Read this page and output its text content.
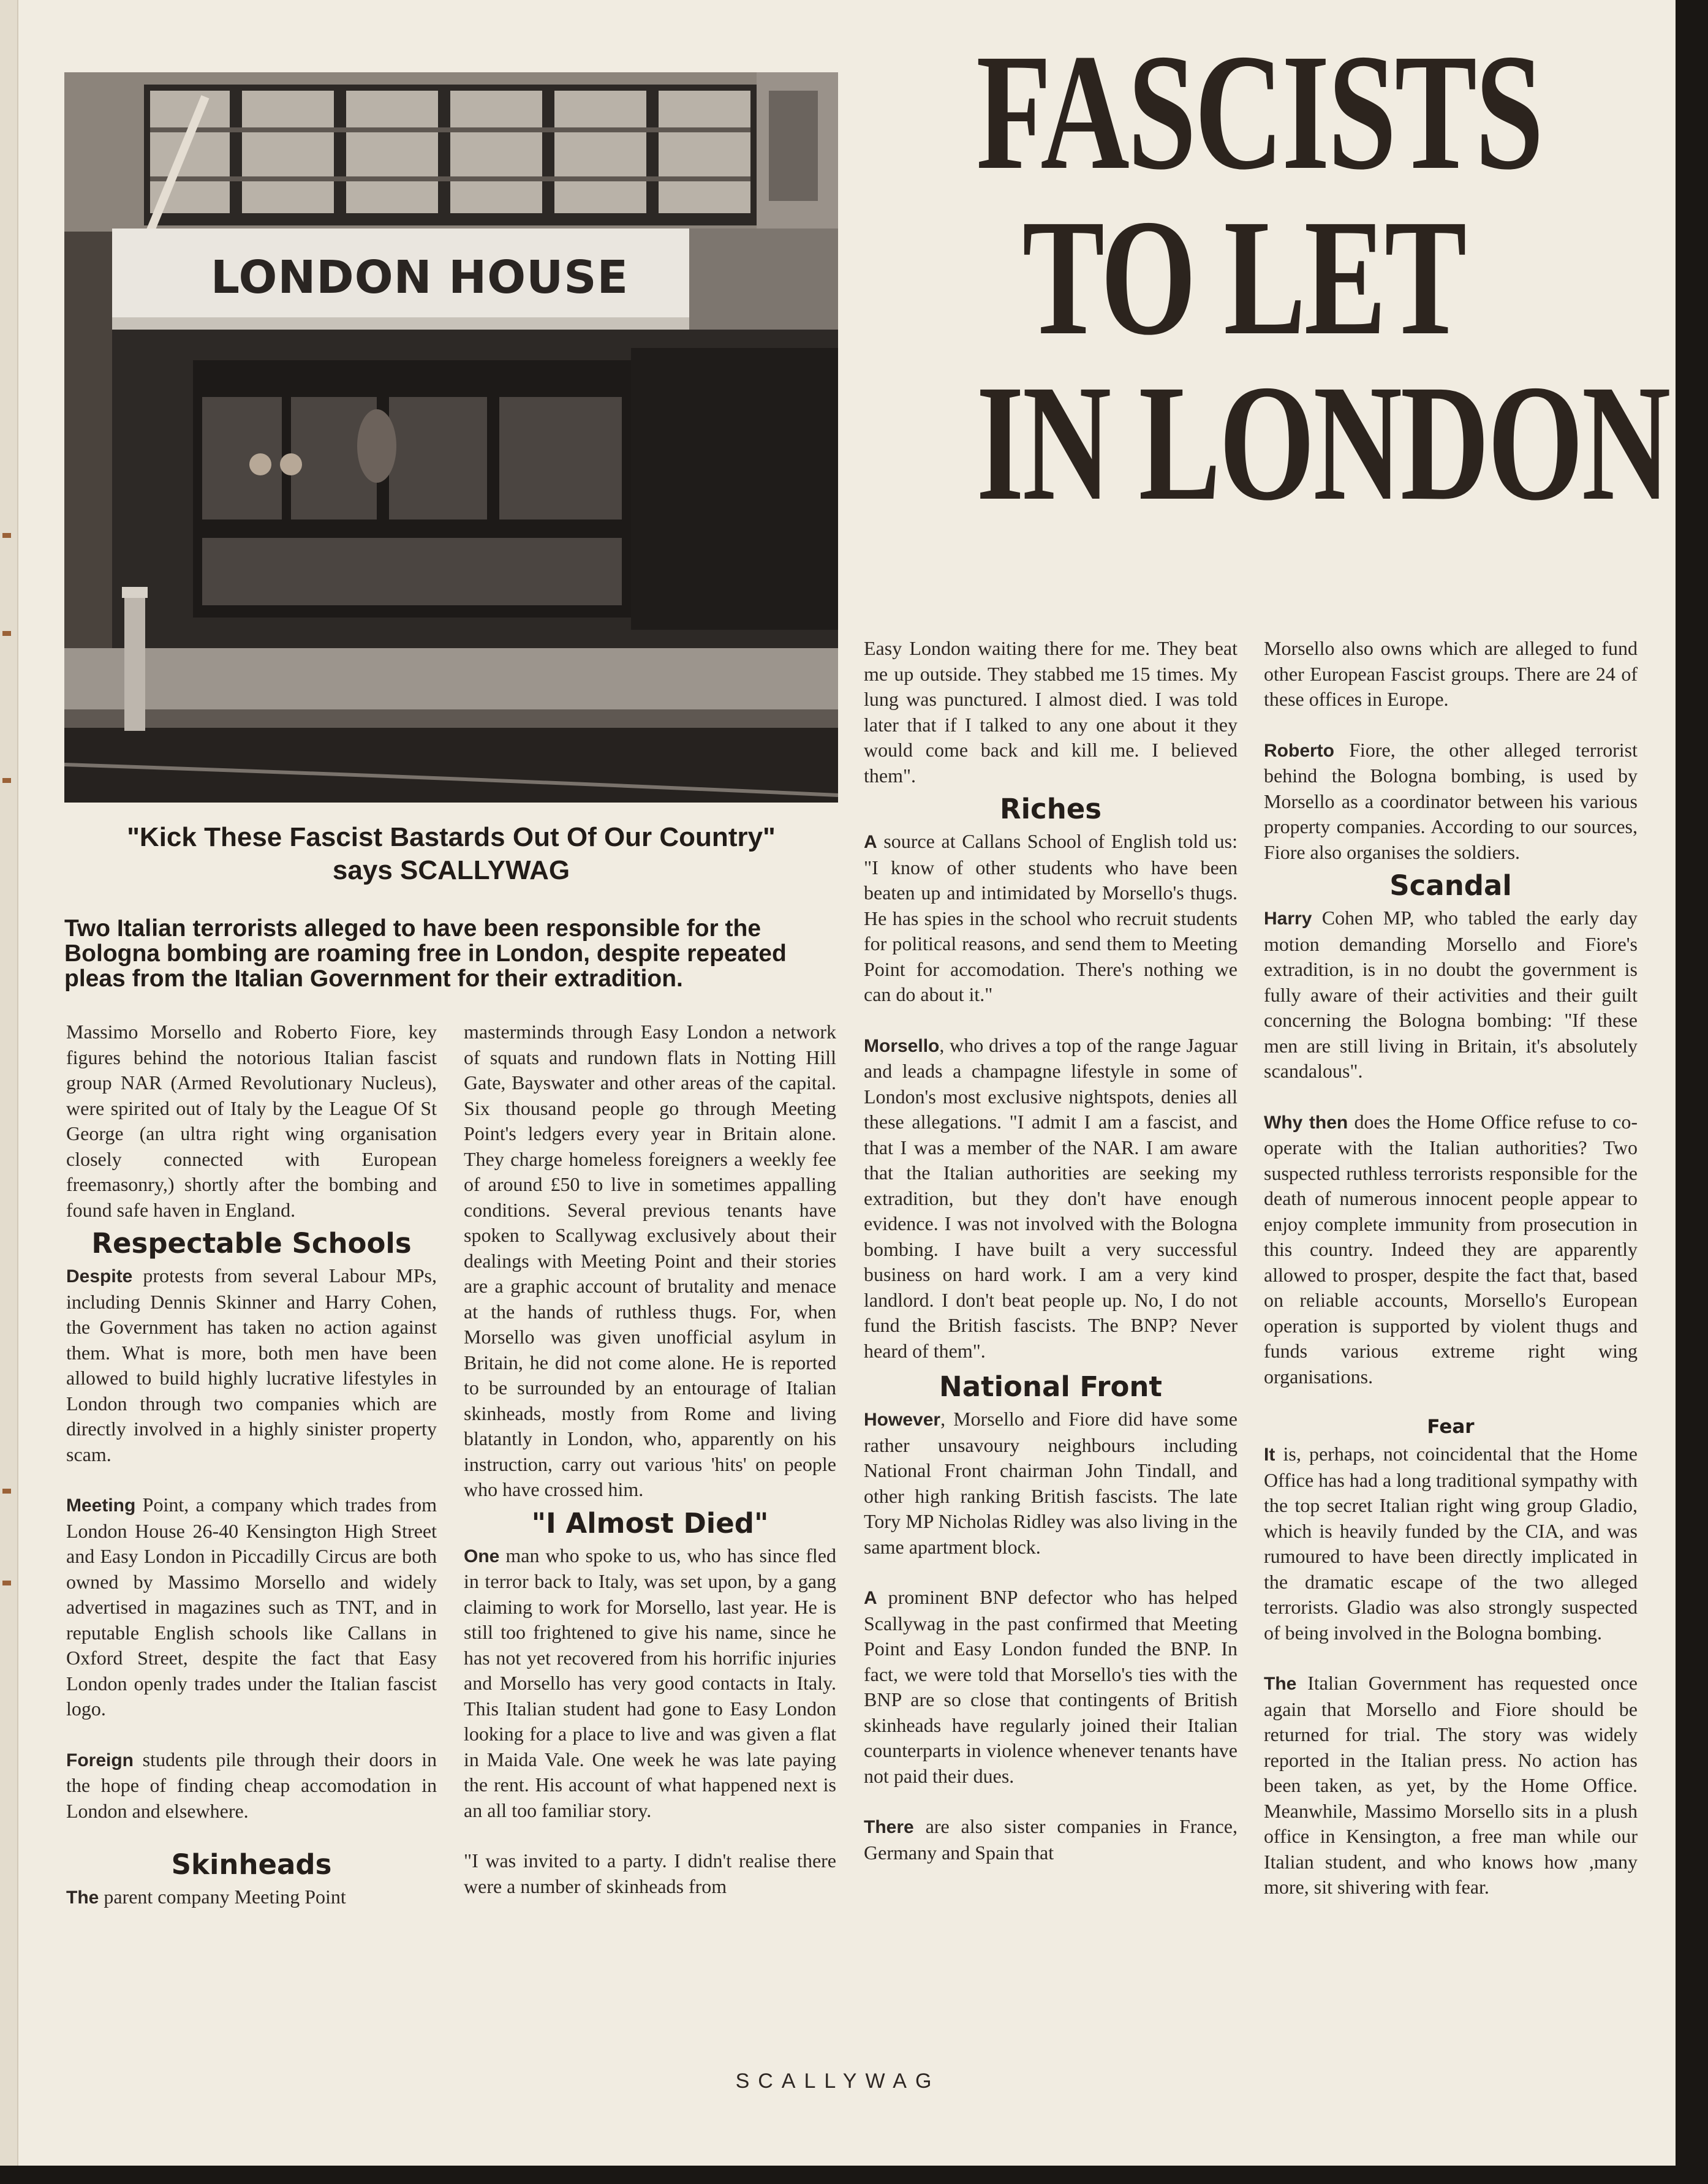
LONDON HOUSE
FASCISTS
TO LET
IN LONDON
"Kick These Fascist Bastards Out Of Our Country"
says SCALLYWAG
Two Italian terrorists alleged to have been responsible for the Bologna bombing are roaming free in London, despite repeated pleas from the Italian Government for their extradition.

Massimo Morsello and Roberto Fiore, key figures behind the notorious Italian fascist group NAR (Armed Revolutionary Nucleus), were spirited out of Italy by the League Of St George (an ultra right wing organisation closely connected with European freemasonry,) shortly after the bombing and found safe haven in England.

Respectable Schools

Despite protests from several Labour MPs, including Dennis Skinner and Harry Cohen, the Government has taken no action against them. What is more, both men have been allowed to build highly lucrative lifestyles in London through two companies which are directly involved in a highly sinister property scam.

Meeting Point, a company which trades from London House 26-40 Kensington High Street and Easy London in Piccadilly Circus are both owned by Massimo Morsello and widely advertised in magazines such as TNT, and in reputable English schools like Callans in Oxford Street, despite the fact that Easy London openly trades under the Italian fascist logo.

Foreign students pile through their doors in the hope of finding cheap accomodation in London and elsewhere.

Skinheads

The parent company Meeting Point

masterminds through Easy London a network of squats and rundown flats in Notting Hill Gate, Bayswater and other areas of the capital. Six thousand people go through Meeting Point's ledgers every year in Britain alone. They charge homeless foreigners a weekly fee of around £50 to live in sometimes appalling conditions. Several previous tenants have spoken to Scallywag exclusively about their dealings with Meeting Point and their stories are a graphic account of brutality and menace at the hands of ruthless thugs. For, when Morsello was given unofficial asylum in Britain, he did not come alone. He is reported to be surrounded by an entourage of Italian skinheads, mostly from Rome and living blatantly in London, who, apparently on his instruction, carry out various 'hits' on people who have crossed him.

"I Almost Died"

One man who spoke to us, who has since fled in terror back to Italy, was set upon, by a gang claiming to work for Morsello, last year. He is still too frightened to give his name, since he has not yet recovered from his horrific injuries and Morsello has very good contacts in Italy. This Italian student had gone to Easy London looking for a place to live and was given a flat in Maida Vale. One week he was late paying the rent. His account of what happened next is an all too familiar story.

"I was invited to a party. I didn't realise there were a number of skinheads from

Easy London waiting there for me. They beat me up outside. They stabbed me 15 times. My lung was punctured. I almost died. I was told later that if I talked to any one about it they would come back and kill me. I believed them".

Riches

A source at Callans School of English told us: "I know of other students who have been beaten up and intimidated by Morsello's thugs. He has spies in the school who recruit students for political reasons, and send them to Meeting Point for accomodation. There's nothing we can do about it."

Morsello, who drives a top of the range Jaguar and leads a champagne lifestyle in some of London's most exclusive nightspots, denies all these allegations. "I admit I am a fascist, and that I was a member of the NAR. I am aware that the Italian authorities are seeking my extradition, but they don't have enough evidence. I was not involved with the Bologna bombing. I have built a very successful business on hard work. I am a very kind landlord. I don't beat people up. No, I do not fund the British fascists. The BNP? Never heard of them".

National Front

However, Morsello and Fiore did have some rather unsavoury neighbours including National Front chairman John Tindall, and other high ranking British fascists. The late Tory MP Nicholas Ridley was also living in the same apartment block.

A prominent BNP defector who has helped Scallywag in the past confirmed that Meeting Point and Easy London funded the BNP. In fact, we were told that Morsello's ties with the BNP are so close that contingents of British skinheads have regularly joined their Italian counterparts in violence whenever tenants have not paid their dues.

There are also sister companies in France, Germany and Spain that

Morsello also owns which are alleged to fund other European Fascist groups. There are 24 of these offices in Europe.

Roberto Fiore, the other alleged terrorist behind the Bologna bombing, is used by Morsello as a coordinator between his various property companies. According to our sources, Fiore also organises the soldiers.

Scandal

Harry Cohen MP, who tabled the early day motion demanding Morsello and Fiore's extradition, is in no doubt the government is fully aware of their activities and their guilt concerning the Bologna bombing: "If these men are still living in Britain, it's absolutely scandalous".

Why then does the Home Office refuse to co-operate with the Italian authorities? Two suspected ruthless terrorists responsible for the death of numerous innocent people appear to enjoy complete immunity from prosecution in this country. Indeed they are apparently allowed to prosper, despite the fact that, based on reliable accounts, Morsello's European operation is supported by violent thugs and funds various extreme right wing organisations.

Fear

It is, perhaps, not coincidental that the Home Office has had a long traditional sympathy with the top secret Italian right wing group Gladio, which is heavily funded by the CIA, and was rumoured to have been directly implicated in the dramatic escape of the two alleged terrorists. Gladio was also strongly suspected of being involved in the Bologna bombing.

The Italian Government has requested once again that Morsello and Fiore should be returned for trial. The story was widely reported in the Italian press. No action has been taken, as yet, by the Home Office. Meanwhile, Massimo Morsello sits in a plush office in Kensington, a free man while our Italian student, and who knows how ,many more, sit shivering with fear.

SCALLYWAG
